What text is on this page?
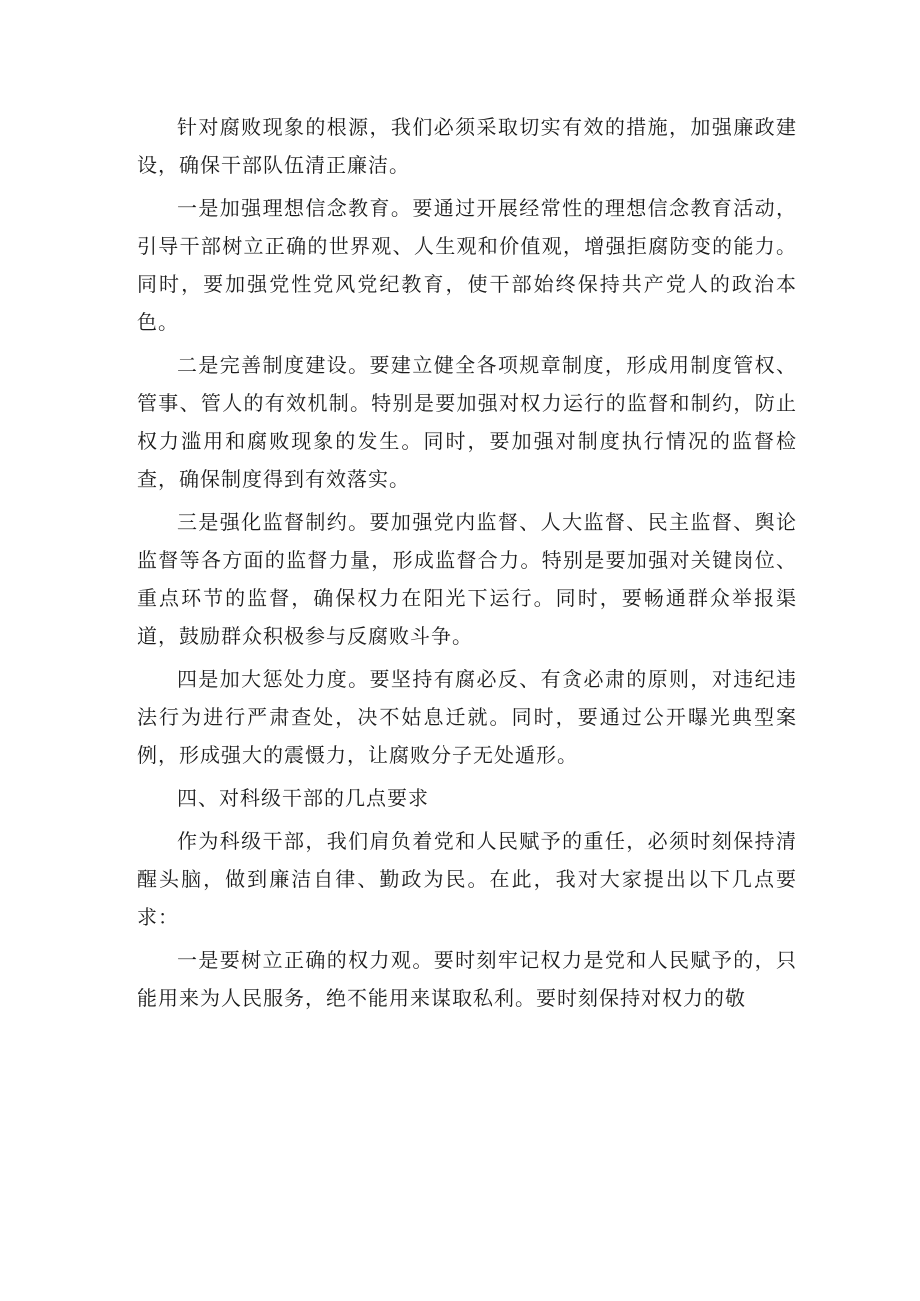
针对腐败现象的根源，我们必须采取切实有效的措施，加强廉政建设，确保干部队伍清正廉洁。

一是加强理想信念教育。要通过开展经常性的理想信念教育活动，引导干部树立正确的世界观、人生观和价值观，增强拒腐防变的能力。同时，要加强党性党风党纪教育，使干部始终保持共产党人的政治本色。

二是完善制度建设。要建立健全各项规章制度，形成用制度管权、管事、管人的有效机制。特别是要加强对权力运行的监督和制约，防止权力滥用和腐败现象的发生。同时，要加强对制度执行情况的监督检查，确保制度得到有效落实。

三是强化监督制约。要加强党内监督、人大监督、民主监督、舆论监督等各方面的监督力量，形成监督合力。特别是要加强对关键岗位、重点环节的监督，确保权力在阳光下运行。同时，要畅通群众举报渠道，鼓励群众积极参与反腐败斗争。

四是加大惩处力度。要坚持有腐必反、有贪必肃的原则，对违纪违法行为进行严肃查处，决不姑息迁就。同时，要通过公开曝光典型案例，形成强大的震慑力，让腐败分子无处遁形。

四、对科级干部的几点要求

作为科级干部，我们肩负着党和人民赋予的重任，必须时刻保持清醒头脑，做到廉洁自律、勤政为民。在此，我对大家提出以下几点要求：

一是要树立正确的权力观。要时刻牢记权力是党和人民赋予的，只能用来为人民服务，绝不能用来谋取私利。要时刻保持对权力的敬
